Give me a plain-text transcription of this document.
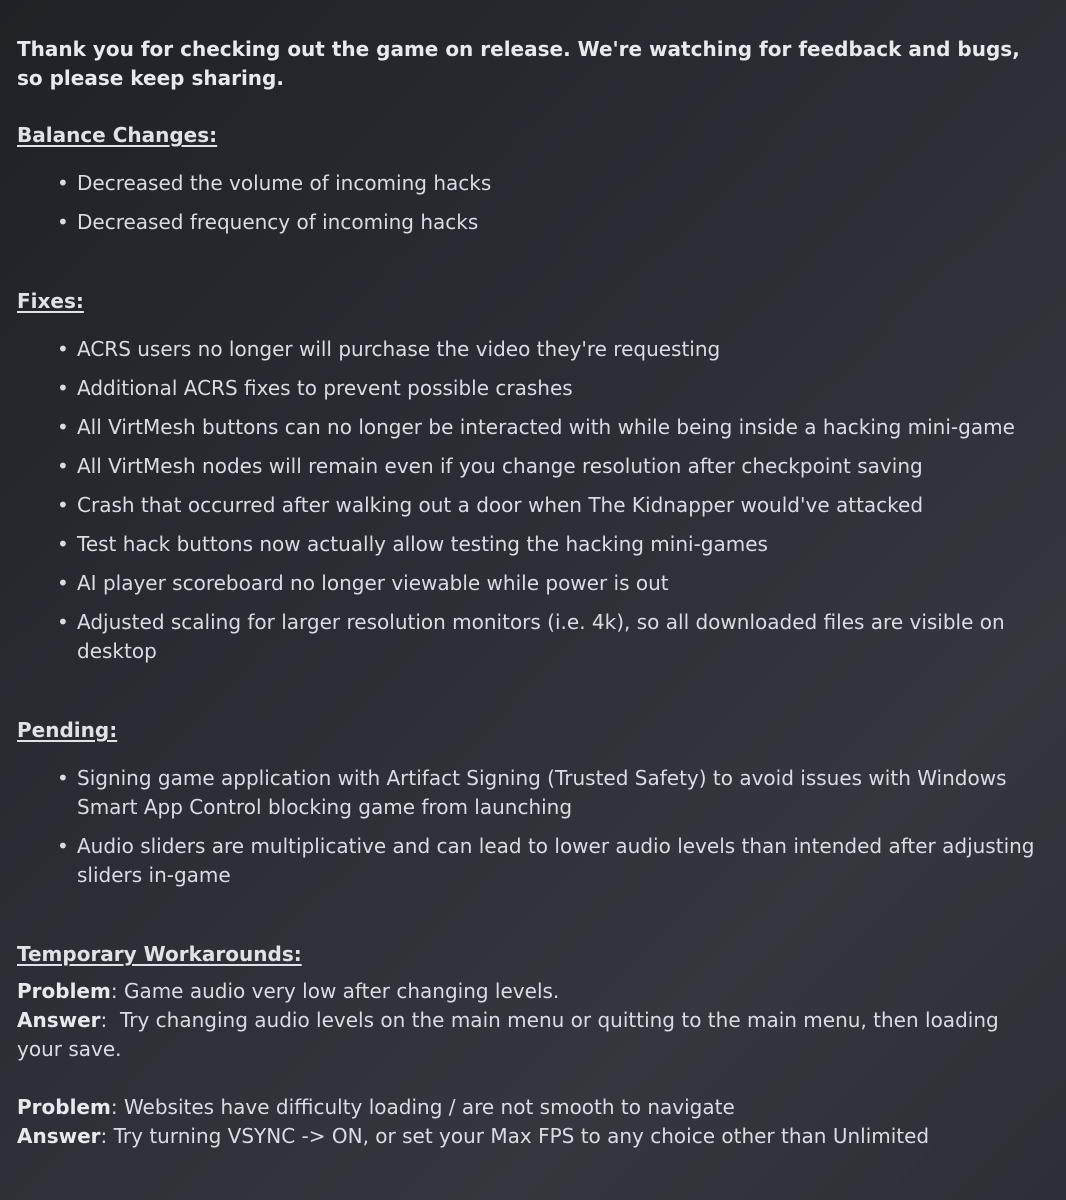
Thank you for checking out the game on release. We're watching for feedback and bugs, so please keep sharing.

Balance Changes:
• Decreased the volume of incoming hacks
• Decreased frequency of incoming hacks
Fixes:
• ACRS users no longer will purchase the video they're requesting
• Additional ACRS fixes to prevent possible crashes
• All VirtMesh buttons can no longer be interacted with while being inside a hacking mini-game
• All VirtMesh nodes will remain even if you change resolution after checkpoint saving
• Crash that occurred after walking out a door when The Kidnapper would've attacked
• Test hack buttons now actually allow testing the hacking mini-games
• AI player scoreboard no longer viewable while power is out
• Adjusted scaling for larger resolution monitors (i.e. 4k), so all downloaded files are visible on desktop
Pending:
• Signing game application with Artifact Signing (Trusted Safety) to avoid issues with Windows Smart App Control blocking game from launching
• Audio sliders are multiplicative and can lead to lower audio levels than intended after adjusting sliders in-game
Temporary Workarounds:

Problem: Game audio very low after changing levels.

Answer:  Try changing audio levels on the main menu or quitting to the main menu, then loading your save.

Problem: Websites have difficulty loading / are not smooth to navigate

Answer: Try turning VSYNC -> ON, or set your Max FPS to any choice other than Unlimited
